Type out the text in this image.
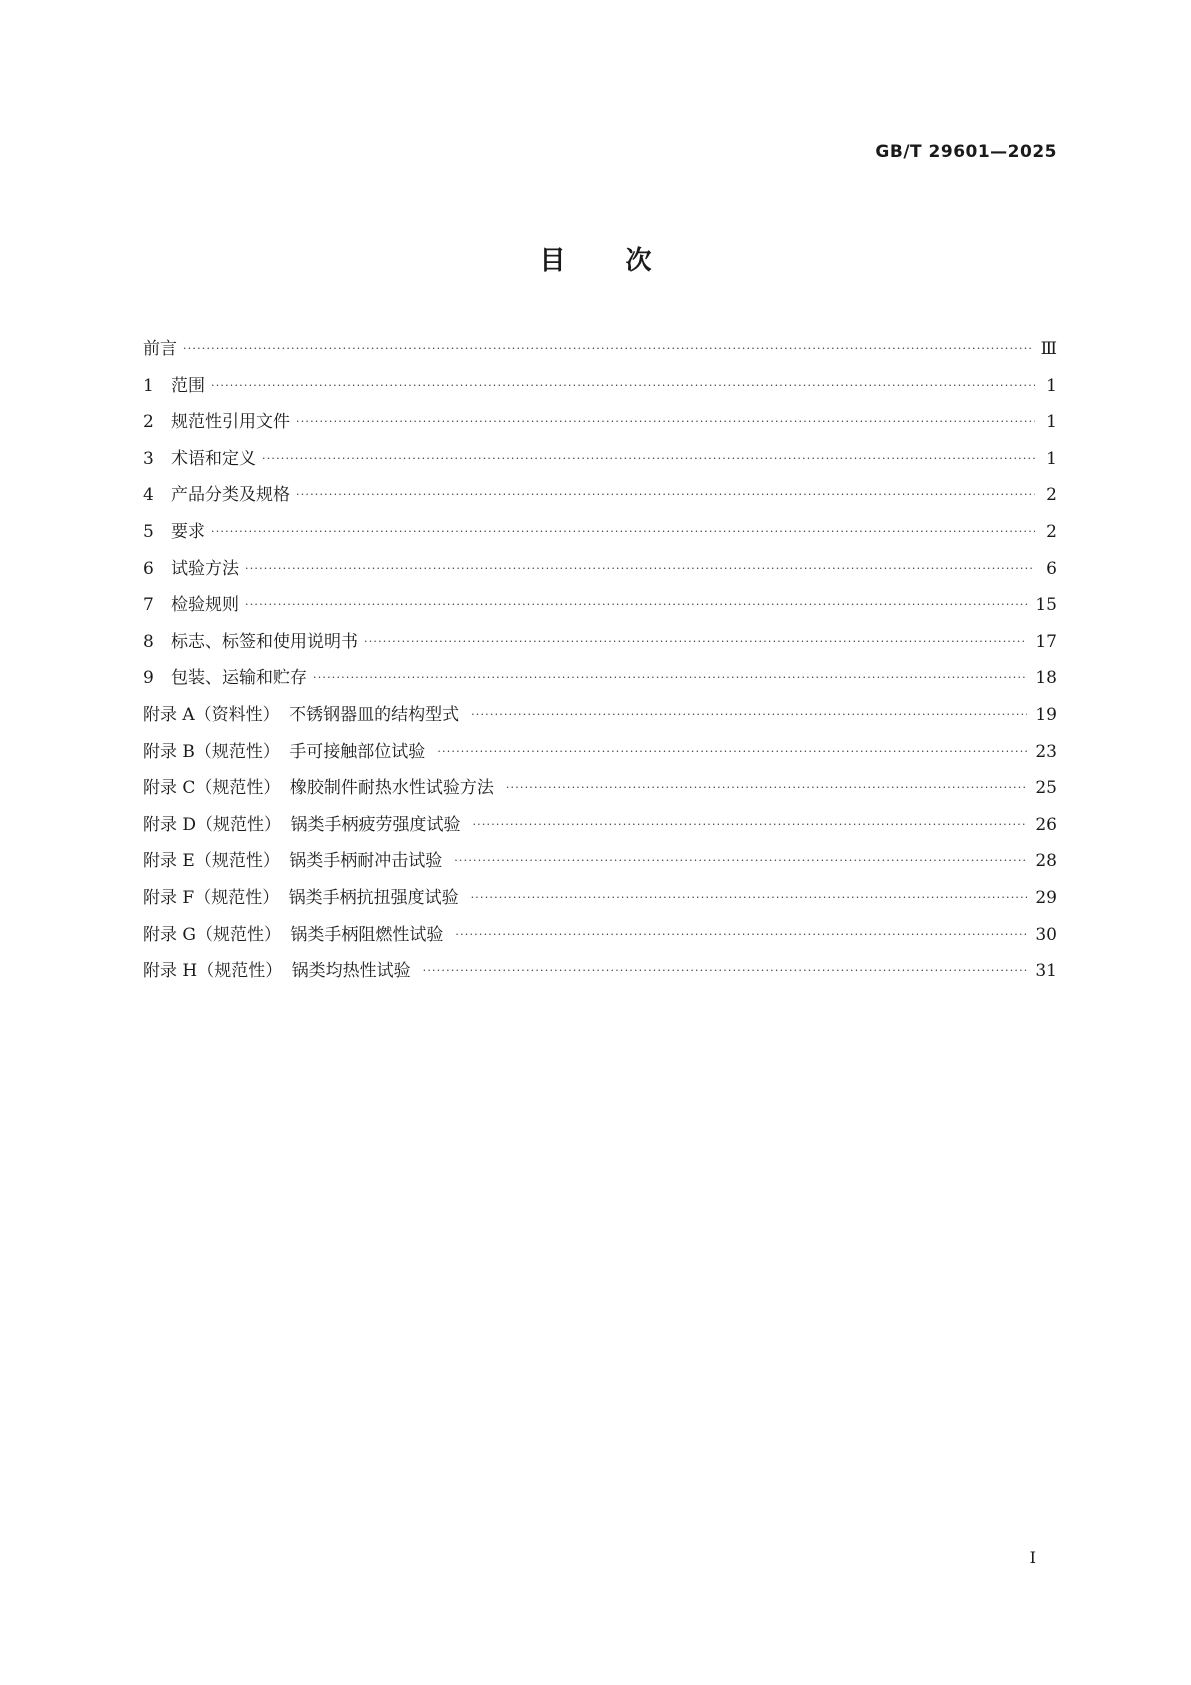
GB/T 29601—2025
目 次
前言 ·····	Ⅲ
1	范围 ·····	1
2	规范性引用文件 ·····	1
3	术语和定义 ·····	1
4	产品分类及规格 ·····	2
5	要求 ·····	2
6	试验方法 ·····	6
7	检验规则 ·····	15
8	标志、标签和使用说明书 ·····	17
9	包装、运输和贮存 ·····	18
附录 A（资料性） 不锈钢器皿的结构型式 ·····	19
附录 B（规范性） 手可接触部位试验 ·····	23
附录 C（规范性） 橡胶制件耐热水性试验方法 ·····	25
附录 D（规范性） 锅类手柄疲劳强度试验 ·····	26
附录 E（规范性） 锅类手柄耐冲击试验 ·····	28
附录 F（规范性） 锅类手柄抗扭强度试验 ·····	29
附录 G（规范性） 锅类手柄阻燃性试验 ·····	30
附录 H（规范性） 锅类均热性试验 ·····	31
I
